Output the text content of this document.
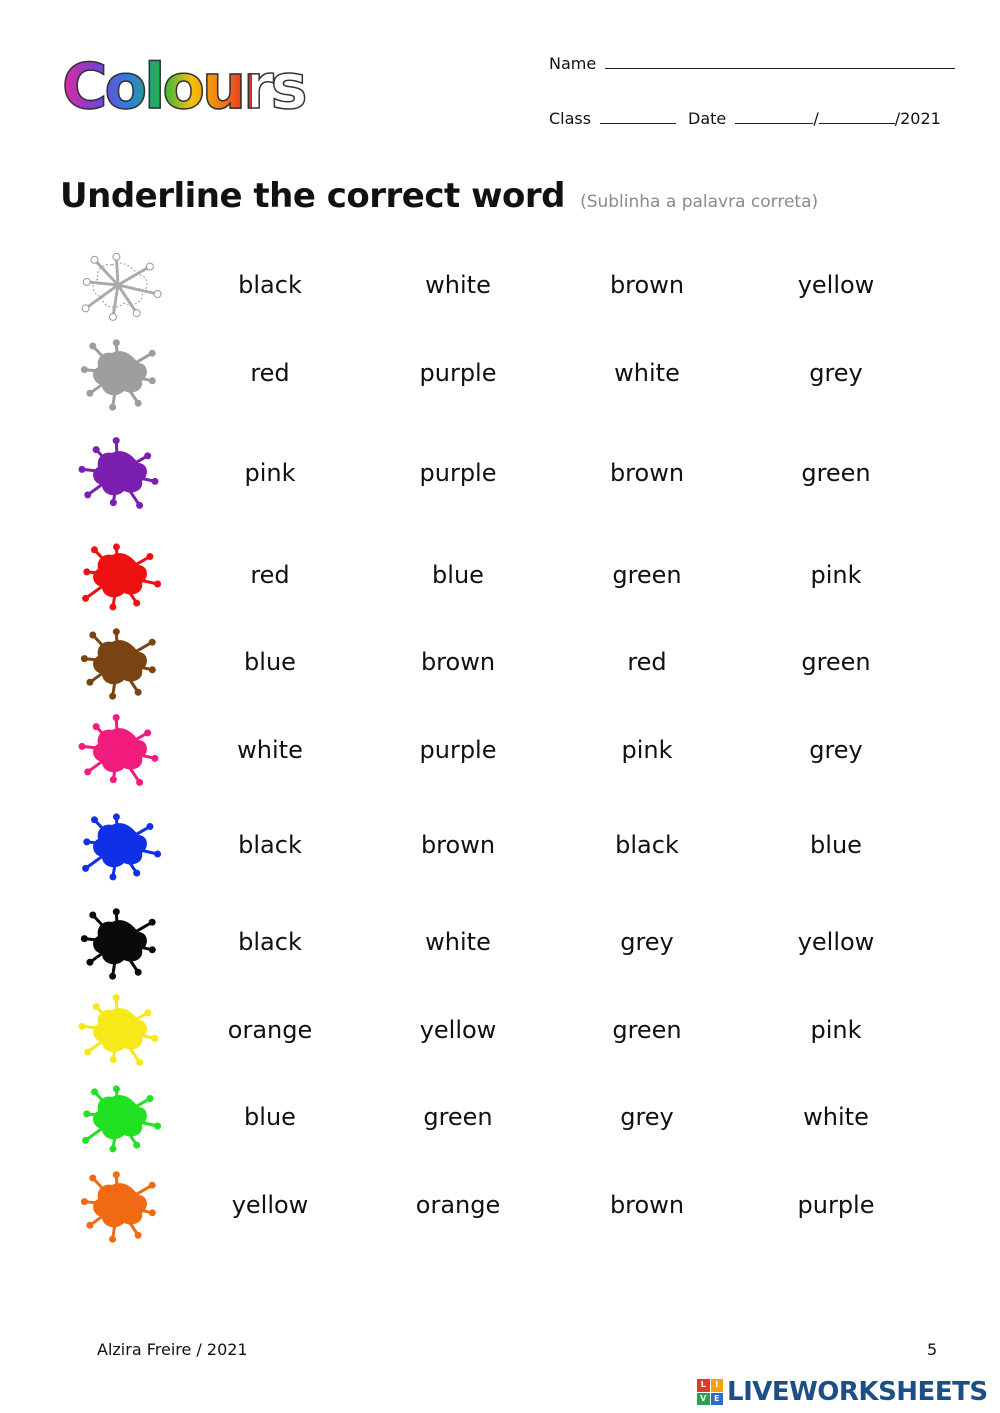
Colours	Name
Class	Date	/	/2021
Underline the correct word (Sublinha a palavra correta)
black	white	brown	yellow
red	purple	white	grey
pink	purple	brown	green
red	blue	green	pink
blue	brown	red	green
white	purple	pink	grey
black	brown	black	blue
black	white	grey	yellow
orange	yellow	green	pink
blue	green	grey	white
yellow	orange	brown	purple
Alzira Freire / 2021	5
L	I
V E LIVEWORKSHEETS
